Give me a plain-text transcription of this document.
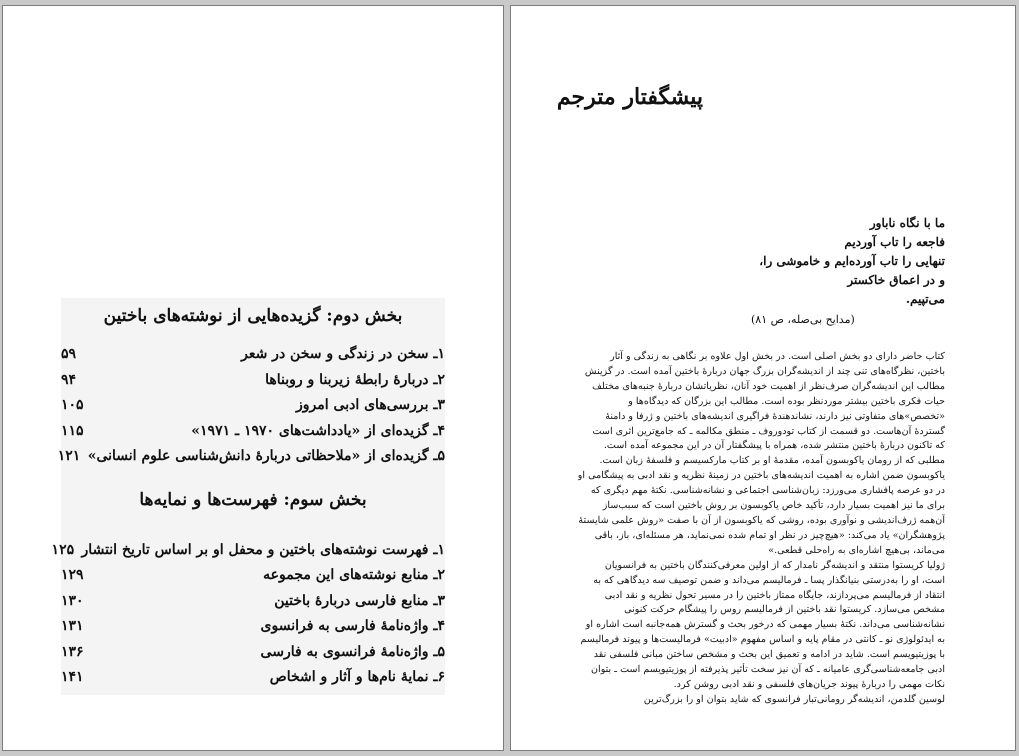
بخش دوم: گزیده‌هایی از نوشته‌های باختین
۱ـ سخن در زندگی و سخن در شعر
۵۹
۲ـ دربارهٔ رابطهٔ زیربنا و روبناها
۹۴
۳ـ بررسی‌های ادبی امروز
۱۰۵
۴ـ گزیده‌ای از «یادداشت‌های ۱۹۷۰ ـ ۱۹۷۱»
۱۱۵
۵ـ گزیده‌ای از «ملاحظاتی دربارهٔ دانش‌شناسی علوم انسانی»
۱۲۱
بخش سوم: فهرست‌ها و نمایه‌ها
۱ـ فهرست نوشته‌های باختین و محفل او بر اساس تاریخ انتشار
۱۲۵
۲ـ منابع نوشته‌های این مجموعه
۱۲۹
۳ـ منابع فارسی دربارهٔ باختین
۱۳۰
۴ـ واژه‌نامهٔ فارسی به فرانسوی
۱۳۱
۵ـ واژه‌نامهٔ فرانسوی به فارسی
۱۳۶
۶ـ نمایهٔ نام‌ها و آثار و اشخاص
۱۴۱
پیشگفتار مترجم
ما با نگاه ناباور
فاجعه را تاب آوردیم
تنهایی را تاب آورده‌ایم و خاموشی را،
و در اعماق خاکستر
می‌تپیم.
(مدایح بی‌صله، ص ۸۱)
کتاب حاضر دارای دو بخش اصلی است. در بخش اول علاوه بر نگاهی به زندگی و آثار
باختین، نظرگاه‌های تنی چند از اندیشه‌گران بزرگ جهان دربارهٔ باختین آمده است. در گزینش
مطالب این اندیشه‌گران صرف‌نظر از اهمیت خود آنان، نظریاتشان دربارهٔ جنبه‌های مختلف
حیات فکری باختین بیشتر مورد‌نظر بوده است. مطالب این بزرگان که دیدگاه‌ها و
«تخصص»های متفاوتی نیز دارند، نشاندهندهٔ فراگیری اندیشه‌های باختین و ژرفا و دامنهٔ
گستردهٔ آن‌هاست. دو قسمت از کتاب تودوروف ـ منطق مکالمه ـ که جامع‌ترین اثری است
که تاکنون دربارهٔ باختین منتشر شده، همراه با پیشگفتار آن در این مجموعه آمده است.
مطلبی که از رومان یاکوبسون آمده، مقدمهٔ او بر کتاب مارکسیسم و فلسفهٔ زبان است.
یاکوبسون ضمن اشاره به اهمیت اندیشه‌های باختین در زمینهٔ نظریه و نقد ادبی به پیشگامی او
در دو عرصه پافشاری می‌ورزد: زبان‌شناسی اجتماعی و نشانه‌شناسی. نکتهٔ مهم دیگری که
برای ما نیز اهمیت بسیار دارد، تأکید خاص یاکوبسون بر روش باختین است که سبب‌ساز
آن‌همه ژرف‌اندیشی و نوآوری بوده، روشی که یاکوبسون از آن با صفت «روش علمی شایستهٔ
پژوهشگران» یاد می‌کند: «هیچ‌چیز در نظر او تمام شده نمی‌نماید، هر مسئله‌ای، باز، باقی
می‌ماند، بی‌هیچ اشاره‌ای به راه‌حلی قطعی.»
ژولیا کریستوا منتقد و اندیشه‌گر نامدار که از اولین معرفی‌کنندگان باختین به فرانسویان
است، او را به‌درستی بنیانگذار پسا ـ فرمالیسم می‌داند و ضمن توصیف سه دیدگاهی که به
انتقاد از فرمالیسم می‌پردازند، جایگاه ممتاز باختین را در مسیر تحول نظریه و نقد ادبی
مشخص می‌سازد. کریستوا نقد باختین از فرمالیسم روس را پیشگام حرکت کنونی
نشانه‌شناسی می‌داند. نکتهٔ بسیار مهمی که درخور بحث و گسترش همه‌جانبه است اشاره او
به ایدئولوژی نو ـ کانتی در مقام پایه و اساس مفهوم «ادبیت» فرمالیست‌ها و پیوند فرمالیسم
با پوزیتیویسم است. شاید در ادامه و تعمیق این بحث و مشخص ساختن مبانی فلسفی نقد
ادبی جامعه‌شناسی‌گری عامیانه ـ که آن نیز سخت تأثیر پذیرفته از پوزیتیویسم است ـ بتوان
نکات مهمی را دربارهٔ پیوند جریان‌های فلسفی و نقد ادبی روشن کرد.
لوسین گلدمن، اندیشه‌گر رومانی‌تبار فرانسوی که شاید بتوان او را بزرگ‌ترین
